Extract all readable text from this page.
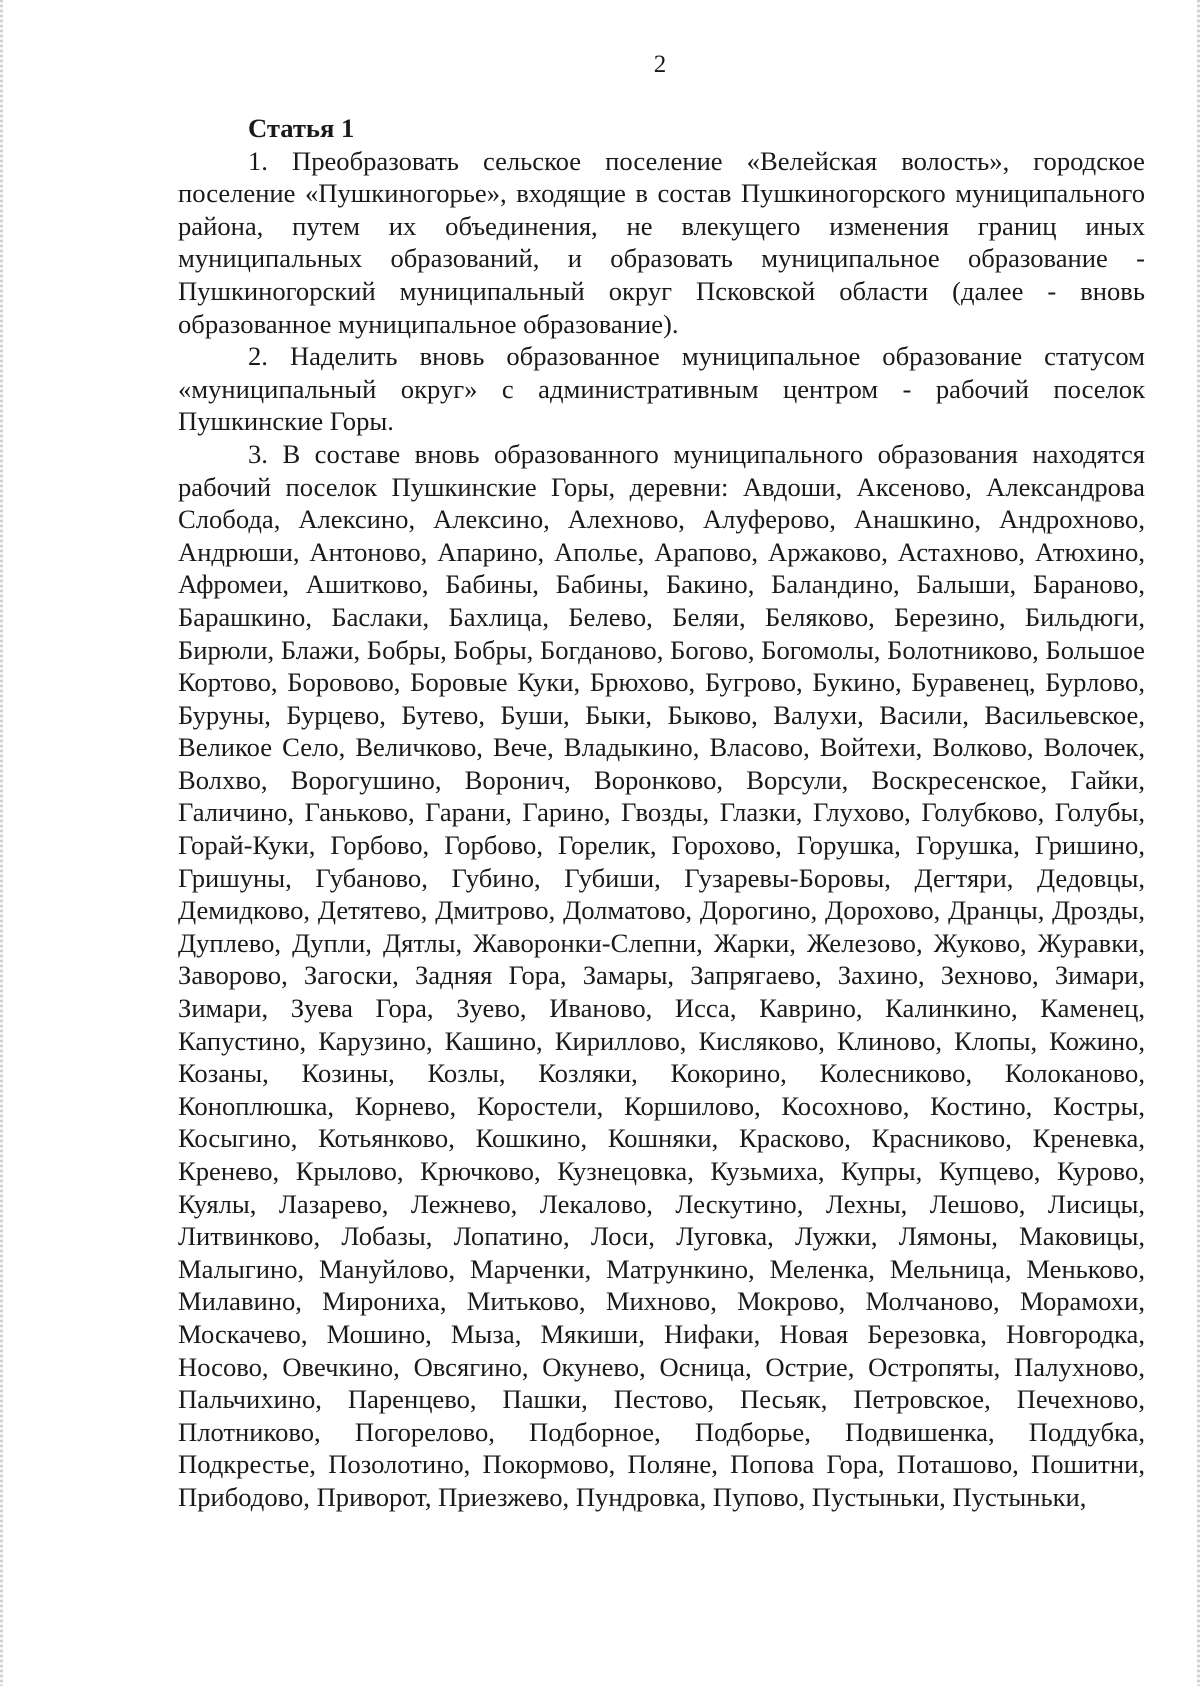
2

Статья 1

1. Преобразовать сельское поселение «Велейская волость», городское поселение «Пушкиногорье», входящие в состав Пушкиногорского муниципального района, путем их объединения, не влекущего изменения границ иных муниципальных образований, и образовать муниципальное образование - Пушкиногорский муниципальный округ Псковской области (далее - вновь образованное муниципальное образование).

2. Наделить вновь образованное муниципальное образование статусом «муниципальный округ» с административным центром - рабочий поселок Пушкинские Горы.

3. В составе вновь образованного муниципального образования находятся рабочий поселок Пушкинские Горы, деревни: Авдоши, Аксеново, Александрова Слобода, Алексино, Алексино, Алехново, Алуферово, Анашкино, Андрохново, Андрюши, Антоново, Апарино, Аполье, Арапово, Аржаково, Астахново, Атюхино, Афромеи, Ашитково, Бабины, Бабины, Бакино, Баландино, Балыши, Бараново, Барашкино, Баслаки, Бахлица, Белево, Беляи, Беляково, Березино, Бильдюги, Бирюли, Блажи, Бобры, Бобры, Богданово, Богово, Богомолы, Болотниково, Большое Кортово, Боровово, Боровые Куки, Брюхово, Бугрово, Букино, Буравенец, Бурлово, Буруны, Бурцево, Бутево, Буши, Быки, Быково, Валухи, Васили, Васильевское, Великое Село, Величково, Вече, Владыкино, Власово, Войтехи, Волково, Волочек, Волхво, Ворогушино, Воронич, Воронково, Ворсули, Воскресенское, Гайки, Галичино, Ганьково, Гарани, Гарино, Гвозды, Глазки, Глухово, Голубково, Голубы, Горай-Куки, Горбово, Горбово, Горелик, Горохово, Горушка, Горушка, Гришино, Гришуны, Губаново, Губино, Губиши, Гузаревы-Боровы, Дегтяри, Дедовцы, Демидково, Детятево, Дмитрово, Долматово, Дорогино, Дорохово, Дранцы, Дрозды, Дуплево, Дупли, Дятлы, Жаворонки-Слепни, Жарки, Железово, Жуково, Журавки, Заворово, Загоски, Задняя Гора, Замары, Запрягаево, Захино, Зехново, Зимари, Зимари, Зуева Гора, Зуево, Иваново, Исса, Каврино, Калинкино, Каменец, Капустино, Карузино, Кашино, Кириллово, Кисляково, Клиново, Клопы, Кожино, Козаны, Козины, Козлы, Козляки, Кокорино, Колесниково, Колоканово, Коноплюшка, Корнево, Коростели, Коршилово, Косохново, Костино, Костры, Косыгино, Котьянково, Кошкино, Кошняки, Красково, Красниково, Креневка, Кренево, Крылово, Крючково, Кузнецовка, Кузьмиха, Купры, Купцево, Курово, Куялы, Лазарево, Лежнево, Лекалово, Лескутино, Лехны, Лешово, Лисицы, Литвинково, Лобазы, Лопатино, Лоси, Луговка, Лужки, Лямоны, Маковицы, Малыгино, Мануйлово, Марченки, Матрункино, Меленка, Мельница, Меньково, Милавино, Мирониха, Митьково, Михново, Мокрово, Молчаново, Морамохи, Москачево, Мошино, Мыза, Мякиши, Нифаки, Новая Березовка, Новгородка, Носово, Овечкино, Овсягино, Окунево, Осница, Острие, Остропяты, Палухново, Пальчихино, Паренцево, Пашки, Пестово, Песьяк, Петровское, Печехново, Плотниково, Погорелово, Подборное, Подборье, Подвишенка, Поддубка, Подкрестье, Позолотино, Покормово, Поляне, Попова Гора, Поташово, Пошитни, Прибодово, Приворот, Приезжево, Пундровка, Пупово, Пустыньки, Пустыньки,
